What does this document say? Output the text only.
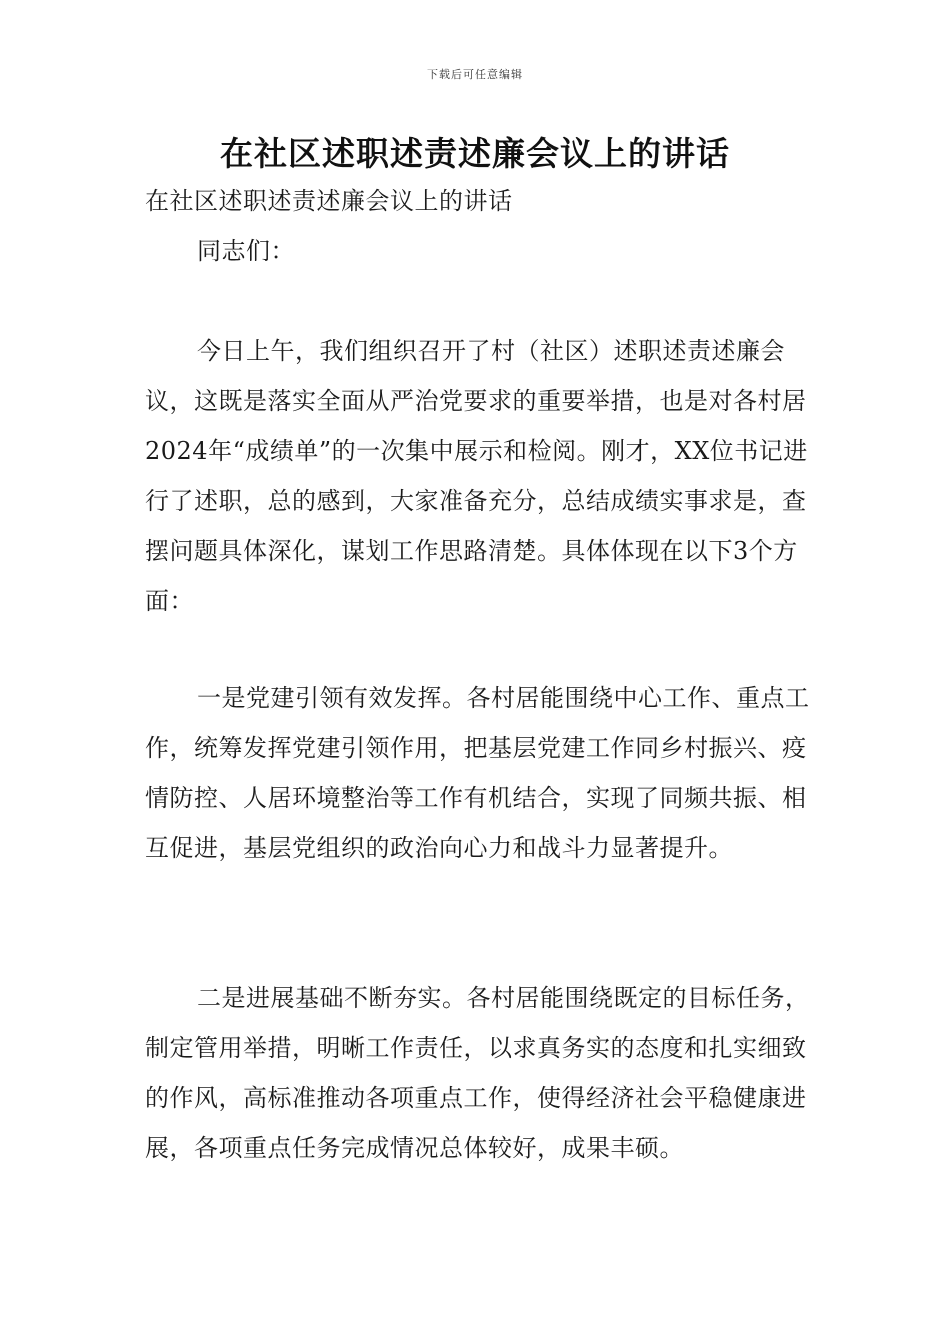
下载后可任意编辑
在社区述职述责述廉会议上的讲话
在社区述职述责述廉会议上的讲话
同志们：

今日上午，我们组织召开了村（社区）述职述责述廉会议，这既是落实全面从严治党要求的重要举措，也是对各村居2024年“成绩单”的一次集中展示和检阅。刚才，XX位书记进行了述职，总的感到，大家准备充分，总结成绩实事求是，查摆问题具体深化，谋划工作思路清楚。具体体现在以下3个方面：

一是党建引领有效发挥。各村居能围绕中心工作、重点工作，统筹发挥党建引领作用，把基层党建工作同乡村振兴、疫情防控、人居环境整治等工作有机结合，实现了同频共振、相互促进，基层党组织的政治向心力和战斗力显著提升。

二是进展基础不断夯实。各村居能围绕既定的目标任务，制定管用举措，明晰工作责任，以求真务实的态度和扎实细致的作风，高标准推动各项重点工作，使得经济社会平稳健康进展，各项重点任务完成情况总体较好，成果丰硕。
